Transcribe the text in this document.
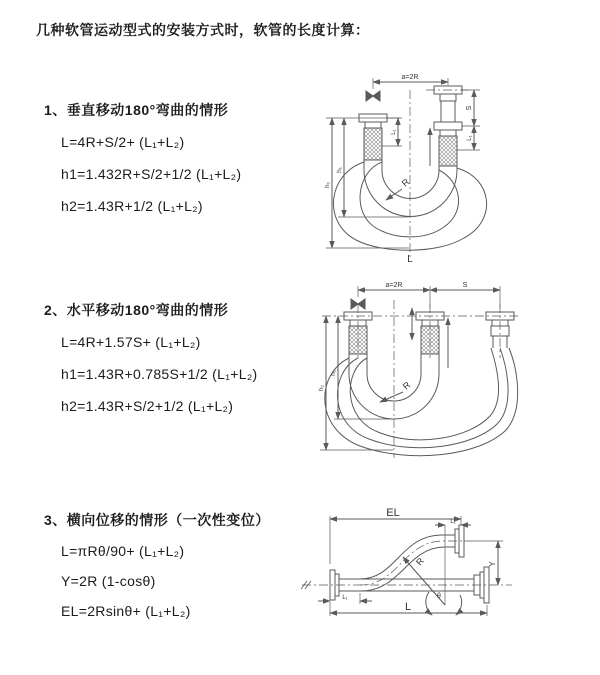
几种软管运动型式的安装方式时，软管的长度计算：
1、垂直移动180°弯曲的情形
L=4R+S/2+ (L₁+L₂)
h1=1.432R+S/2+1/2 (L₁+L₂)
h2=1.43R+1/2 (L₁+L₂)
2、水平移动180°弯曲的情形
L=4R+1.57S+ (L₁+L₂)
h1=1.43R+0.785S+1/2 (L₁+L₂)
h2=1.43R+S/2+1/2 (L₁+L₂)
3、横向位移的情形（一次性变位）
L=πRθ/90+ (L₁+L₂)
Y=2R (1-cosθ)
EL=2Rsinθ+ (L₁+L₂)
a=2R
S
L₁
L₁
h₁
h₂	R
L
a=2R	S
h₁
h₂	R
EL
L₁
Y
R
θ
L
L₁
